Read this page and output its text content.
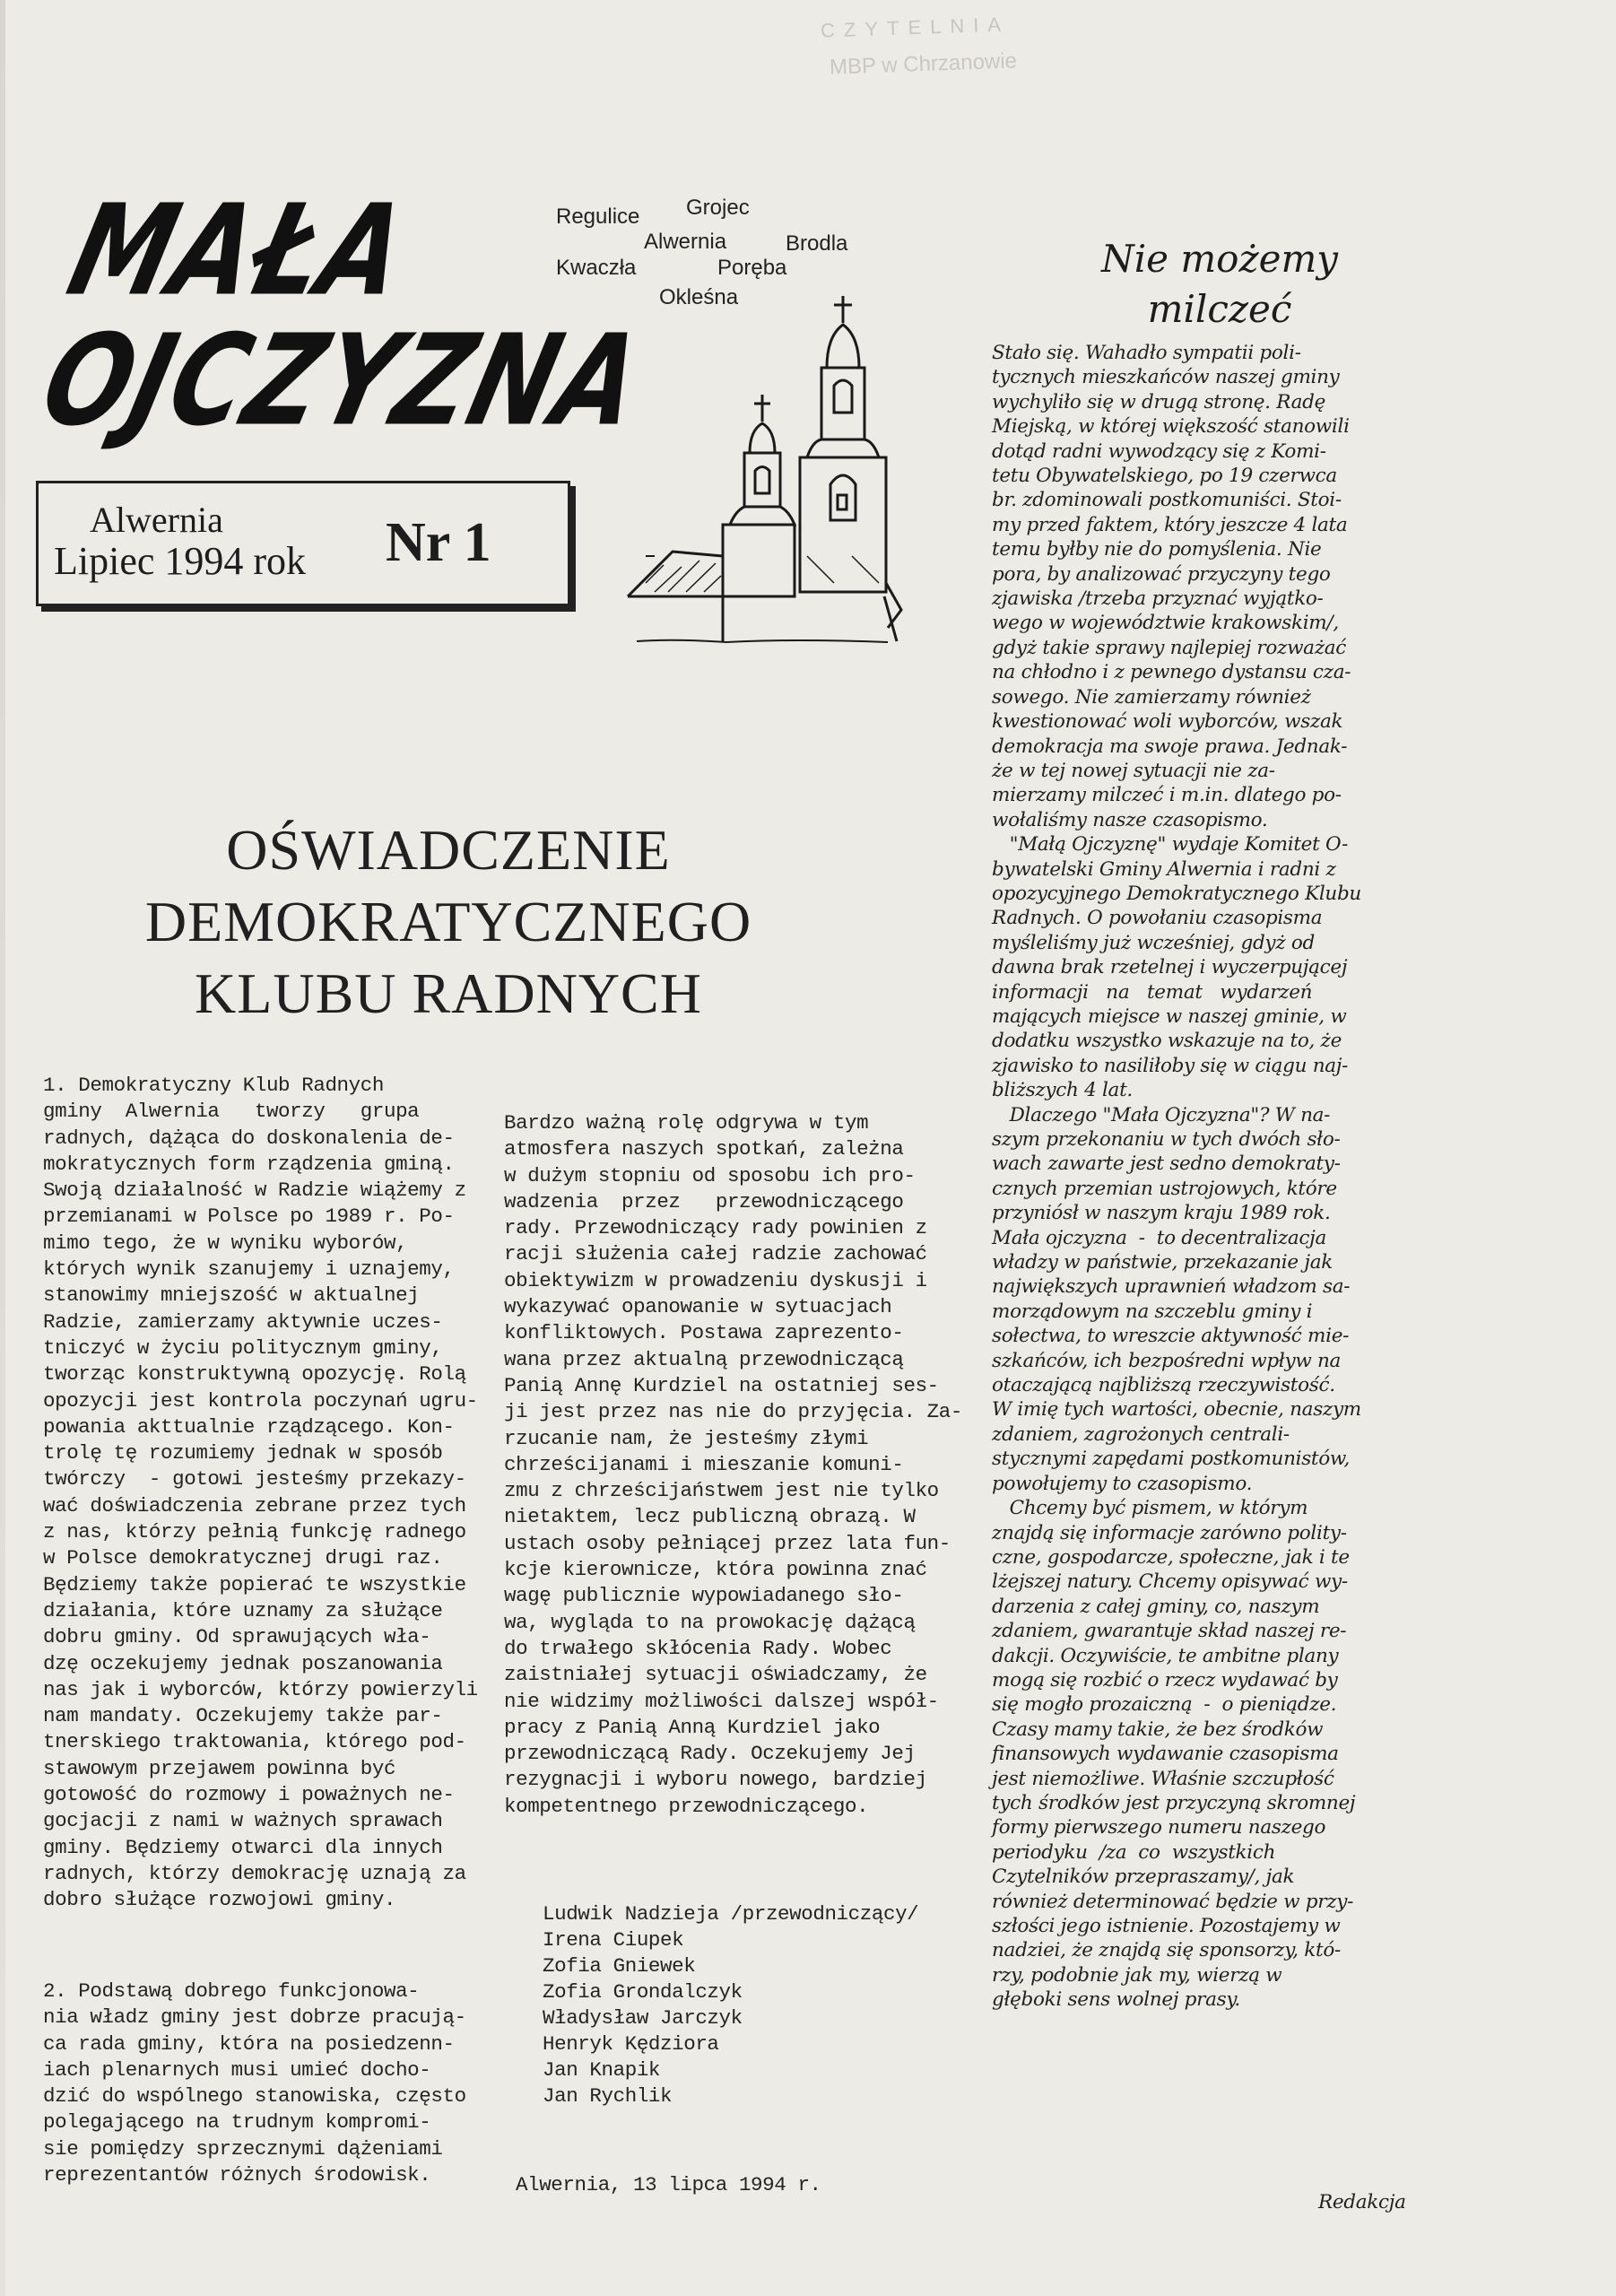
CZYTELNIA
MBP w Chrzanowie
MAŁA
OJCZYZNA
Alwernia
Lipiec 1994 rok Nr 1
Grojec
Regulice
Alwernia	Brodla
Kwaczła	Poręba
Okleśna
OŚWIADCZENIE
DEMOKRATYCZNEGO
KLUBU RADNYCH
1. Demokratyczny Klub Radnych
gminy  Alwernia   tworzy   grupa
radnych, dążąca do doskonalenia de-
mokratycznych form rządzenia gminą.
Swoją działalność w Radzie wiążemy z
przemianami w Polsce po 1989 r. Po-
mimo tego, że w wyniku wyborów,
których wynik szanujemy i uznajemy,
stanowimy mniejszość w aktualnej
Radzie, zamierzamy aktywnie uczes-
tniczyć w życiu politycznym gminy,
tworząc konstruktywną opozycję. Rolą
opozycji jest kontrola poczynań ugru-
powania akttualnie rządzącego. Kon-
trolę tę rozumiemy jednak w sposób
twórczy  - gotowi jesteśmy przekazy-
wać doświadczenia zebrane przez tych
z nas, którzy pełnią funkcję radnego
w Polsce demokratycznej drugi raz.
Będziemy także popierać te wszystkie
działania, które uznamy za służące
dobru gminy. Od sprawujących wła-
dzę oczekujemy jednak poszanowania
nas jak i wyborców, którzy powierzyli
nam mandaty. Oczekujemy także par-
tnerskiego traktowania, którego pod-
stawowym przejawem powinna być
gotowość do rozmowy i poważnych ne-
gocjacji z nami w ważnych sprawach
gminy. Będziemy otwarci dla innych
radnych, którzy demokrację uznają za
dobro służące rozwojowi gminy.
2. Podstawą dobrego funkcjonowa-
nia władz gminy jest dobrze pracują-
ca rada gminy, która na posiedzenn-
iach plenarnych musi umieć docho-
dzić do wspólnego stanowiska, często
polegającego na trudnym kompromi-
sie pomiędzy sprzecznymi dążeniami
reprezentantów różnych środowisk.
Bardzo ważną rolę odgrywa w tym
atmosfera naszych spotkań, zależna
w dużym stopniu od sposobu ich pro-
wadzenia  przez   przewodniczącego
rady. Przewodniczący rady powinien z
racji służenia całej radzie zachować
obiektywizm w prowadzeniu dyskusji i
wykazywać opanowanie w sytuacjach
konfliktowych. Postawa zaprezento-
wana przez aktualną przewodniczącą
Panią Annę Kurdziel na ostatniej ses-
ji jest przez nas nie do przyjęcia. Za-
rzucanie nam, że jesteśmy złymi
chrześcijanami i mieszanie komuni-
zmu z chrześcijaństwem jest nie tylko
nietaktem, lecz publiczną obrazą. W
ustach osoby pełniącej przez lata fun-
kcje kierownicze, która powinna znać
wagę publicznie wypowiadanego sło-
wa, wygląda to na prowokację dążącą
do trwałego skłócenia Rady. Wobec
zaistniałej sytuacji oświadczamy, że
nie widzimy możliwości dalszej współ-
pracy z Panią Anną Kurdziel jako
przewodniczącą Rady. Oczekujemy Jej
rezygnacji i wyboru nowego, bardziej
kompetentnego przewodniczącego.
Ludwik Nadzieja /przewodniczący/
Irena Ciupek
Zofia Gniewek
Zofia Grondalczyk
Władysław Jarczyk
Henryk Kędziora
Jan Knapik
Jan Rychlik
Alwernia, 13 lipca 1994 r.
Nie możemy
milczeć
Stało się. Wahadło sympatii poli-
tycznych mieszkańców naszej gminy
wychyliło się w drugą stronę. Radę
Miejską, w której większość stanowili
dotąd radni wywodzący się z Komi-
tetu Obywatelskiego, po 19 czerwca
br. zdominowali postkomuniści. Stoi-
my przed faktem, który jeszcze 4 lata
temu byłby nie do pomyślenia. Nie
pora, by analizować przyczyny tego
zjawiska /trzeba przyznać wyjątko-
wego w województwie krakowskim/,
gdyż takie sprawy najlepiej rozważać
na chłodno i z pewnego dystansu cza-
sowego. Nie zamierzamy również
kwestionować woli wyborców, wszak
demokracja ma swoje prawa. Jednak-
że w tej nowej sytuacji nie za-
mierzamy milczeć i m.in. dlatego po-
wołaliśmy nasze czasopismo.
"Małą Ojczyznę" wydaje Komitet O-
bywatelski Gminy Alwernia i radni z
opozycyjnego Demokratycznego Klubu
Radnych. O powołaniu czasopisma
myśleliśmy już wcześniej, gdyż od
dawna brak rzetelnej i wyczerpującej
informacji   na   temat   wydarzeń
mających miejsce w naszej gminie, w
dodatku wszystko wskazuje na to, że
zjawisko to nasiliłoby się w ciągu naj-
bliższych 4 lat.
Dlaczego "Mała Ojczyzna"? W na-
szym przekonaniu w tych dwóch sło-
wach zawarte jest sedno demokraty-
cznych przemian ustrojowych, które
przyniósł w naszym kraju 1989 rok.
Mała ojczyzna  -  to decentralizacja
władzy w państwie, przekazanie jak
największych uprawnień władzom sa-
morządowym na szczeblu gminy i
sołectwa, to wreszcie aktywność mie-
szkańców, ich bezpośredni wpływ na
otaczającą najbliższą rzeczywistość.
W imię tych wartości, obecnie, naszym
zdaniem, zagrożonych centrali-
stycznymi zapędami postkomunistów,
powołujemy to czasopismo.
Chcemy być pismem, w którym
znajdą się informacje zarówno polity-
czne, gospodarcze, społeczne, jak i te
lżejszej natury. Chcemy opisywać wy-
darzenia z całej gminy, co, naszym
zdaniem, gwarantuje skład naszej re-
dakcji. Oczywiście, te ambitne plany
mogą się rozbić o rzecz wydawać by
się mogło prozaiczną  -  o pieniądze.
Czasy mamy takie, że bez środków
finansowych wydawanie czasopisma
jest niemożliwe. Właśnie szczupłość
tych środków jest przyczyną skromnej
formy pierwszego numeru naszego
periodyku  /za  co  wszystkich
Czytelników przepraszamy/, jak
również determinować będzie w przy-
szłości jego istnienie. Pozostajemy w
nadziei, że znajdą się sponsorzy, któ-
rzy, podobnie jak my, wierzą w
głęboki sens wolnej prasy.
Redakcja
